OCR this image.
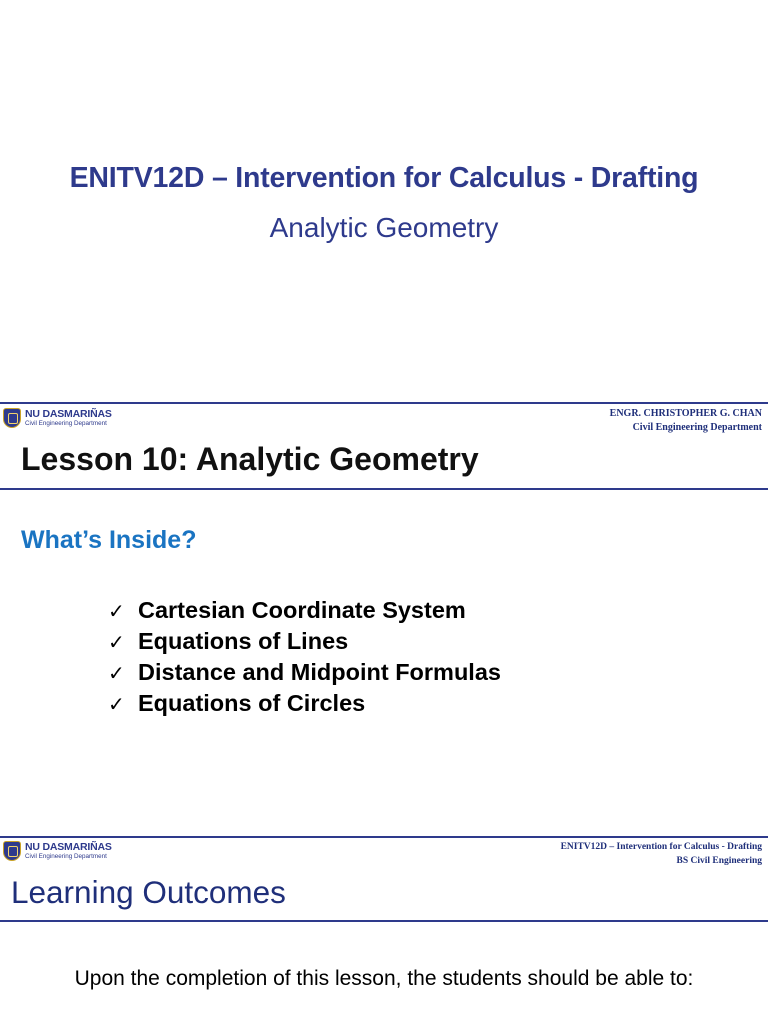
ENITV12D – Intervention for Calculus - Drafting
Analytic Geometry
NU DASMARIÑAS
Civil Engineering Department
ENGR. CHRISTOPHER G. CHAN
Civil Engineering Department
Lesson 10: Analytic Geometry
What’s Inside?
✓ Cartesian Coordinate System
✓ Equations of Lines
✓ Distance and Midpoint Formulas
✓ Equations of Circles
NU DASMARIÑAS
Civil Engineering Department
ENITV12D – Intervention for Calculus - Drafting
BS Civil Engineering
Learning Outcomes
Upon the completion of this lesson, the students should be able to:
